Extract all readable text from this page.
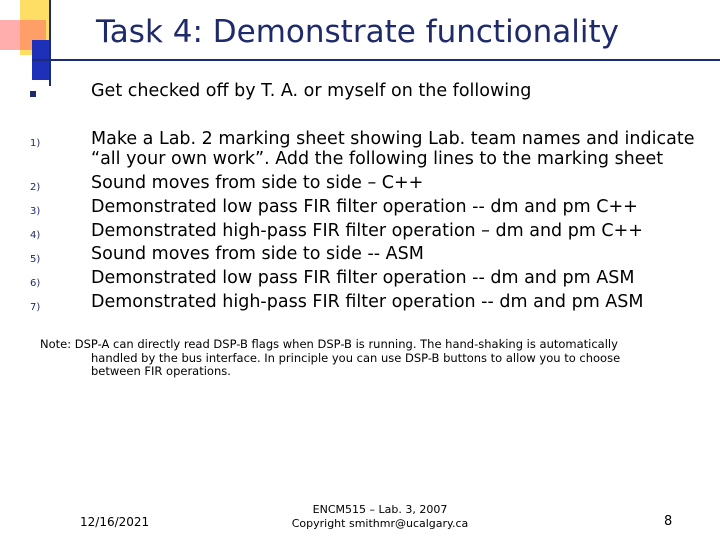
Task 4: Demonstrate functionality

Get checked off by T. A. or myself on the following

1)	Make a Lab. 2 marking sheet showing Lab. team names and indicate

“all your own work”. Add the following lines to the marking sheet

2)	Sound moves from side to side – C++

3)	Demonstrated low pass FIR filter operation -- dm and pm C++

4)	Demonstrated high-pass FIR filter operation – dm and pm C++

5)	Sound moves from side to side -- ASM

6)	Demonstrated low pass FIR filter operation -- dm and pm ASM

7)	Demonstrated high-pass FIR filter operation -- dm and pm ASM

Note: DSP-A can directly read DSP-B flags when DSP-B is running. The hand-shaking is automatically
handled by the bus interface. In principle you can use DSP-B buttons to allow you to choose
between FIR operations.

12/16/2021
ENCM515 – Lab. 3, 2007
Copyright smithmr@ucalgary.ca	8
